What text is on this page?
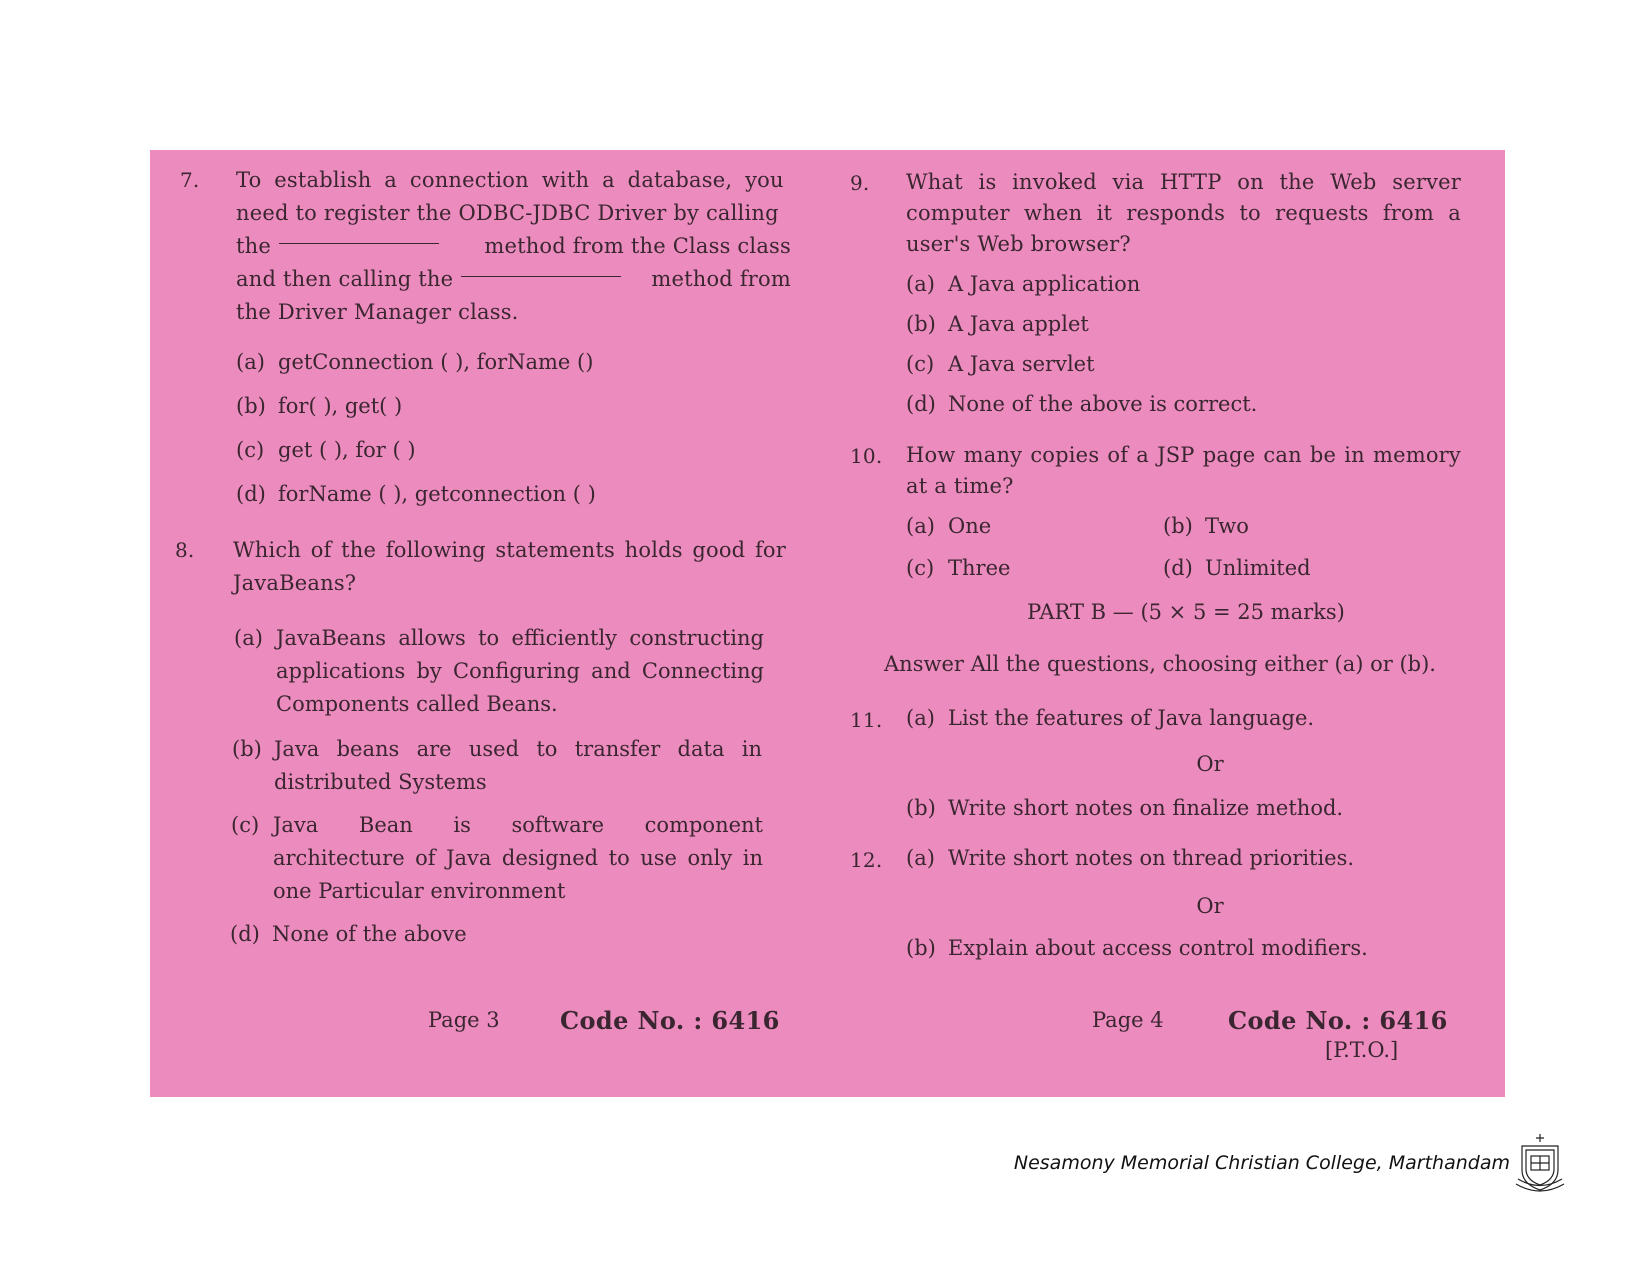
7. To establish a connection with a database, you
need to register the ODBC-JDBC Driver by calling
the	method from the Class class
and then calling the	method from
the Driver Manager class.
(a) getConnection ( ), forName ()
(b) for( ), get( )
(c) get ( ), for ( )
(d) forName ( ), getconnection ( )
8. Which of the following statements holds good for JavaBeans?
(a) JavaBeans allows to efficiently constructing applications by Configuring and Connecting Components called Beans.
(b) Java beans are used to transfer data in distributed Systems
(c) Java Bean is software component architecture of Java designed to use only in one Particular environment
(d) None of the above
Page 3	Code No. : 6416
9. What is invoked via HTTP on the Web server computer when it responds to requests from a user's Web browser?
(a) A Java application
(b) A Java applet
(c) A Java servlet
(d) None of the above is correct.
10. How many copies of a JSP page can be in memory at a time?
(a) One	(b) Two
(c) Three	(d) Unlimited
PART B — (5 × 5 = 25 marks)
Answer All the questions, choosing either (a) or (b).
11. (a) List the features of Java language.
Or
(b) Write short notes on finalize method.
12. (a) Write short notes on thread priorities.
Or
(b) Explain about access control modifiers.
Page 4	Code No. : 6416
[P.T.O.]
Nesamony Memorial Christian College, Marthandam
